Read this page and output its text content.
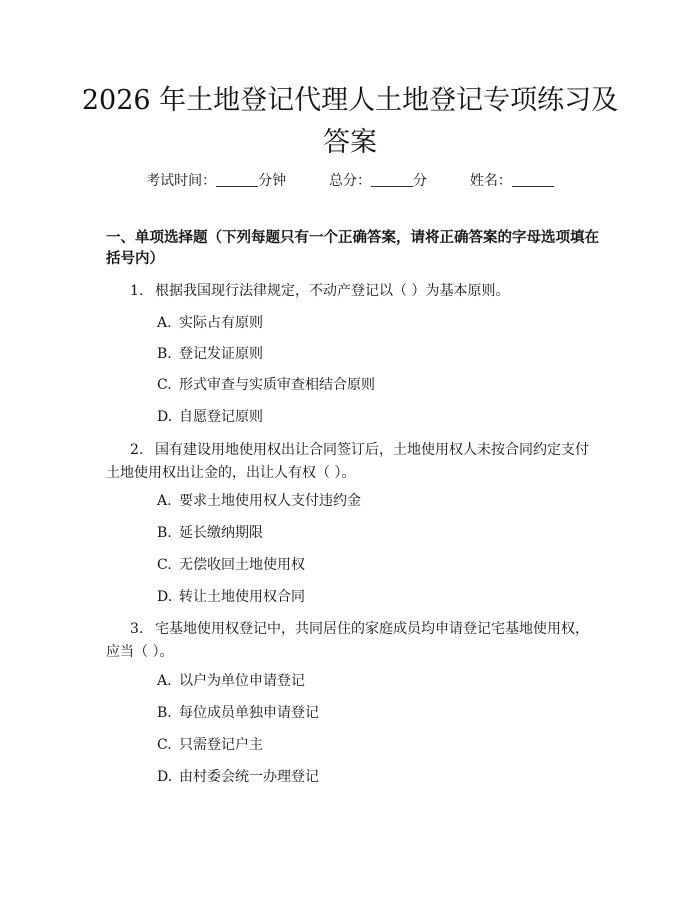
2026 年土地登记代理人土地登记专项练习及
答案
考试时间：	分钟	总分：	分	姓名：
一、单项选择题（下列每题只有一个正确答案，请将正确答案的字母选项填在括号内）
1. 根据我国现行法律规定，不动产登记以（ ）为基本原则。
A. 实际占有原则
B. 登记发证原则
C. 形式审查与实质审查相结合原则
D. 自愿登记原则
2. 国有建设用地使用权出让合同签订后，土地使用权人未按合同约定支付土地使用权出让金的，出让人有权（ ）。
A. 要求土地使用权人支付违约金
B. 延长缴纳期限
C. 无偿收回土地使用权
D. 转让土地使用权合同
3. 宅基地使用权登记中，共同居住的家庭成员均申请登记宅基地使用权，应当（ ）。
A. 以户为单位申请登记
B. 每位成员单独申请登记
C. 只需登记户主
D. 由村委会统一办理登记
